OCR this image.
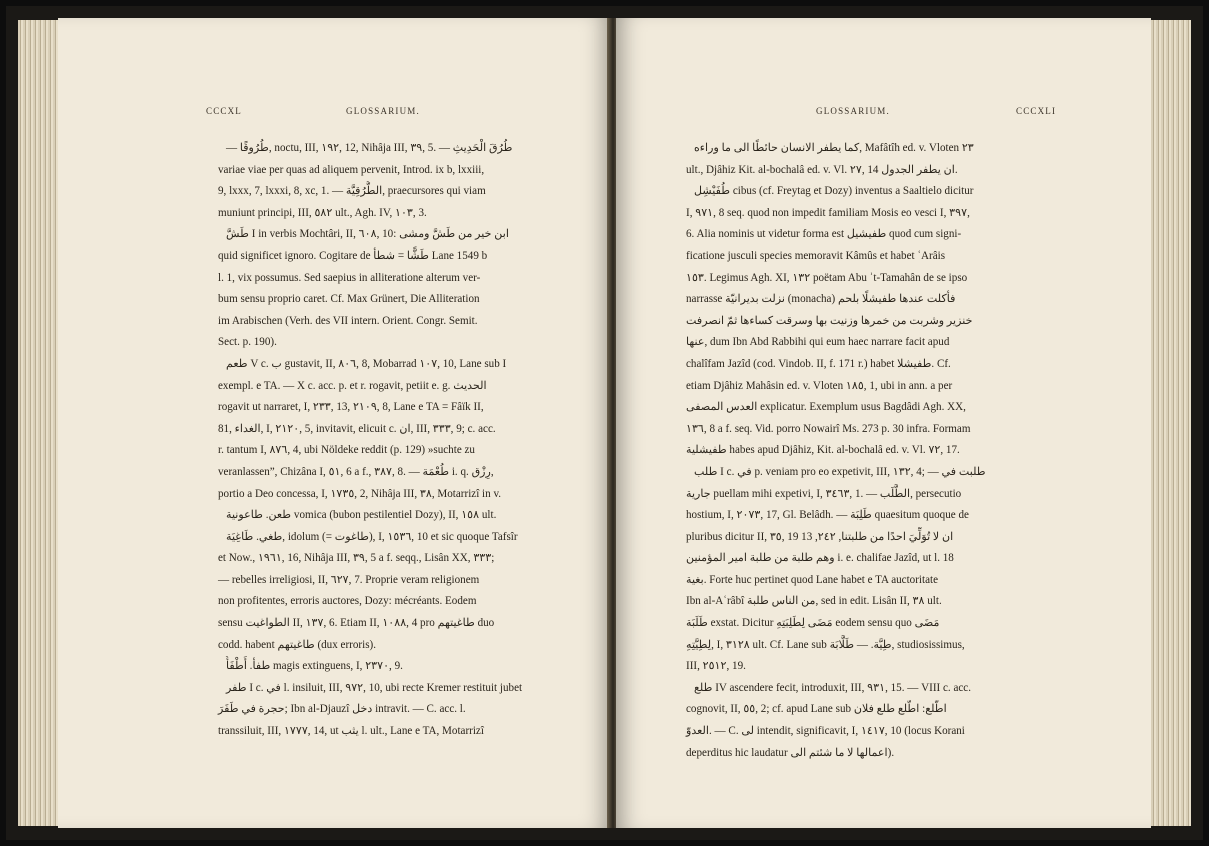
CCCXL	GLOSSARIUM.
— طُرُوقًا, noctu, III, ١٩٢, 12, Nihâja III, ٣٩, 5. — طُرُقَ الْحَدِيثِ
variae viae per quas ad aliquem pervenit, Introd. ix b, lxxiii,
9, lxxx, 7, lxxxi, 8, xc, 1. — الطُّرُقِيَّة, praecursores qui viam
muniunt principi, III, ٥٨٢ ult., Agh. IV, ١٠٣, 3.
طَشَّ I in verbis Mochtâri, II, ٦٠٨, 10: ابن خير من طَشَّ ومشى
quid significet ignoro. Cogitare de طَشًّا = شطأ Lane 1549 b
l. 1, vix possumus. Sed saepius in alliteratione alterum ver-
bum sensu proprio caret. Cf. Max Grünert, Die Alliteration
im Arabischen (Verh. des VII intern. Orient. Congr. Semit.
Sect. p. 190).
طعم V c. ب gustavit, II, ٨٠٦, 8, Mobarrad ١٠٧, 10, Lane sub I
exempl. e TA. — X c. acc. p. et r. rogavit, petiit e. g. الحديث
rogavit ut narraret, I, ٢٣٣, 13, ٢١٠٩, 8, Lane e TA = Fâïk II,
81, الغداء, I, ٢١٢٠, 5, invitavit, elicuit c. ان, III, ٣٣٣, 9; c. acc.
r. tantum I, ٨٧٦, 4, ubi Nöldeke reddit (p. 129) »suchte zu
veranlassen”, Chizâna I, ٥١, 6 a f., ٣٨٧, 8. — طُعْمَة i. q. رِزْق,
portio a Deo concessa, I, ١٧٣٥, 2, Nihâja III, ٣٨, Motarrizî in v.
طعن. طاعونية vomica (bubon pestilentiel Dozy), II, ١٥٨ ult.
طغي. طَاغِيَة, idolum (= طاغوت), I, ١٥٣٦, 10 et sic quoque Tafsîr
et Now., ١٩٦١, 16, Nihâja III, ٣٩, 5 a f. seqq., Lisân XX, ٣٣٣;
— rebelles irreligiosi, II, ٦٢٧, 7. Proprie veram religionem
non profitentes, erroris auctores, Dozy: mécréants. Eodem
sensu الطواغيت II, ١٣٧, 6. Etiam II, ١٠٨٨, 4 pro طاغيتهم duo
codd. habent طاغيتهم (dux erroris).
طفأ. أَطْفَأُ magis extinguens, I, ٢٣٧٠, 9.
طفر I c. في l. insiluit, III, ٩٧٢, 10, ubi recte Kremer restituit jubet
حجرة في طَفَرَ; Ibn al-Djauzî دخل intravit. — C. acc. l.
transsiluit, III, ١٧٧٧, 14, ut يثب l. ult., Lane e TA, Motarrizî
GLOSSARIUM.	CCCXLI
كما يطفر الانسان حائطًا الى ما وراءه, Mafâtîh ed. v. Vloten ٢٣
ult., Djâhiz Kit. al-bochalâ ed. v. Vl. ٢٧, 14 ان يطفر الجدول.
طُفَيْشِل cibus (cf. Freytag et Dozy) inventus a Saaltielo dicitur
I, ٩٧١, 8 seq. quod non impedit familiam Mosis eo vesci I, ٣٩٧,
6. Alia nominis ut videtur forma est طفيشيل quod cum signi-
ficatione jusculi species memoravit Kâmûs et habet ʿArâis
١٥٣. Legimus Agh. XI, ١٣٢ poëtam Abu ʾt-Tamahân de se ipso
narrasse نزلت بديرانيّة (monacha) فأكلت عندها طفيشلًا بلحم
خنزير وشربت من خمرها وزنيت بها وسرقت كساءها ثمّ انصرفت
عنها, dum Ibn Abd Rabbihi qui eum haec narrare facit apud
chalîfam Jazîd (cod. Vindob. II, f. 171 r.) habet طفيشلا. Cf.
etiam Djâhiz Mahâsin ed. v. Vloten ١٨٥, 1, ubi in ann. a per
العدس المصفى explicatur. Exemplum usus Bagdâdi Agh. XX,
١٣٦, 8 a f. seq. Vid. porro Nowairî Ms. 273 p. 30 infra. Formam
طفيشلية habes apud Djâhiz, Kit. al-bochalâ ed. v. Vl. ٧٢, 17.
طلب I c. في p. veniam pro eo expetivit, III, ١٣٢, 4; — طلبت في
جارية puellam mihi expetivi, I, ٣٤٦٣, 1. — الطَّلَب, persecutio
hostium, I, ٢٠٧٣, 17, Gl. Belâdh. — طَلِبَة quaesitum quoque de
pluribus dicitur II, ٣٥, 19 ان لا تُوَلِّيَ احدًا من طلبتنا, ٢٤٢, 13
وهم طلبة من طلبة امير المؤمنين i. e. chalifae Jazîd, ut l. 18
بغية. Forte huc pertinet quod Lane habet e TA auctoritate
Ibn al-Aʿrâbî من الناس طلبة, sed in edit. Lisân II, ٣٨ ult.
طَلَبَة exstat. Dicitur مَضَى لِطَلِبَتِهِ eodem sensu quo مَضَى
لِطِيَّتِهِ, I, ٣١٢٨ ult. Cf. Lane sub طِيَّة. — طَلَّابَة, studiosissimus,
III, ٢٥١٢, 19.
طلع IV ascendere fecit, introduxit, III, ٩٣١, 15. — VIII c. acc.
cognovit, II, ٥٥, 2; cf. apud Lane sub اطّلع: اطّلع طلع فلان
العدوّ. — C. لى intendit, significavit, I, ١٤١٧, 10 (locus Korani
deperditus hic laudatur اعمالها لا ما شئتم الى).
